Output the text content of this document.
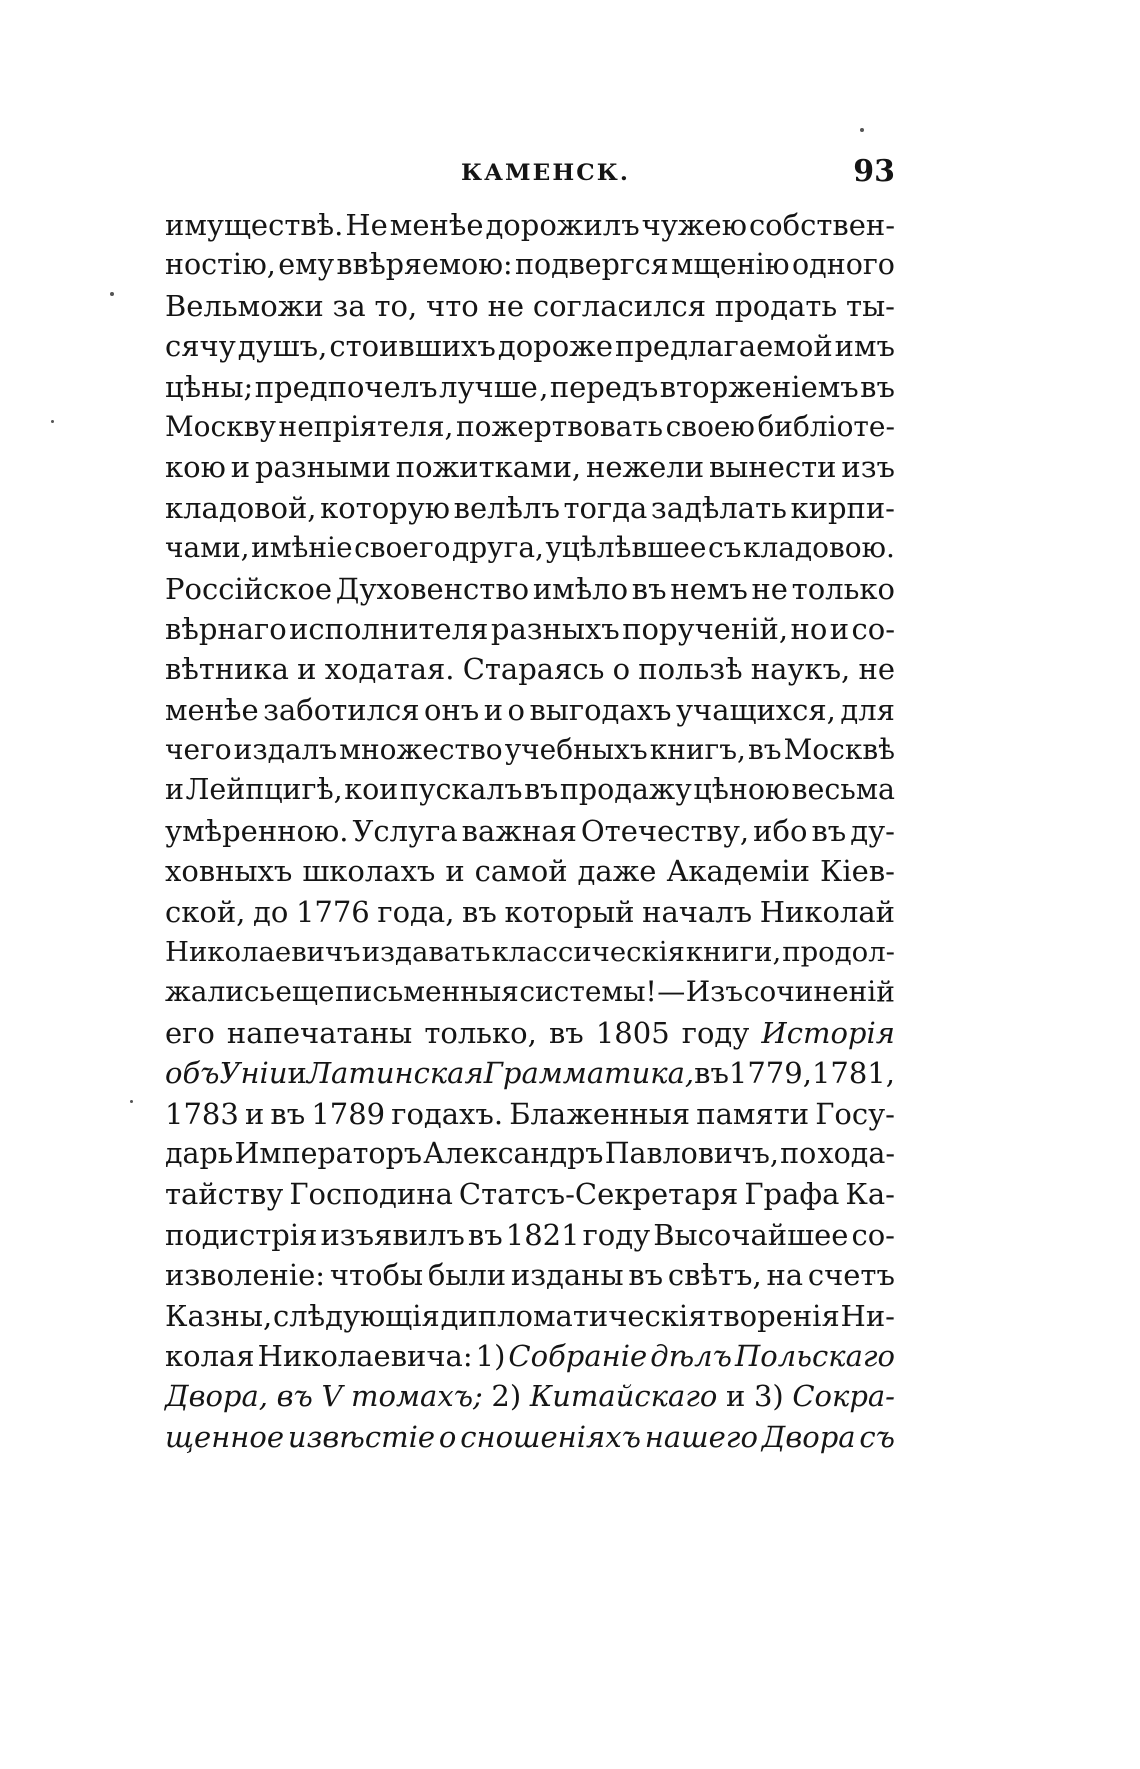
КАМЕНСК.	93
имуществѣ. Не менѣе дорожилъ чужею собствен-
ностію, ему ввѣряемою: подвергся мщенію одного
Вельможи за то, что не согласился продать ты-
сячу душъ, стоившихъ дороже предлагаемой имъ
цѣны; предпочелъ лучше , передъ вторженіемъ въ
Москву непріятеля, пожертвовать своею библіоте-
кою и разными пожитками, нежели вынести изъ
кладовой, которую велѣлъ тогда задѣлать кирпи-
чами, имѣніе своего друга, уцѣлѣвшее съ кладовою.
Россійское Духовенство имѣло въ немъ не только
вѣрнаго исполнителя разныхъ порученій, но и со-
вѣтника и ходатая. Стараясь о пользѣ наукъ, не
менѣе заботился онъ и о выгодахъ учащихся, для
чего издалъ множество учебныхъ книгъ, въ Москвѣ
и Лейпцигѣ, кои пускалъ въ продажу цѣною весьма
умѣренною. Услуга важная Отечеству, ибо въ ду-
ховныхъ школахъ и самой даже Академіи Кіев-
ской, до 1776 года, въ который началъ Николай
Николаевичъ издавать классическія книги, продол-
жались еще письменныя системы! — Изъ сочиненій
его напечатаны только, въ 1805 году Исторія
объ Уніи и Латинская Грамматика, въ 1779, 1781,
1783 и въ 1789 годахъ. Блаженныя памяти Госу-
дарь Императоръ Александръ Павловичъ, по хода-
тайству Господина Статсъ-Секретаря Графа Ка-
подистрія изъявилъ въ 1821 году Высочайшее со-
изволеніе: чтобы были изданы въ свѣтъ, на счетъ
Казны, слѣдующія дипломатическія творенія Ни-
колая Николаевича: 1) Собраніе дѣлъ Польскаго
Двора, въ V томахъ; 2) Китайскаго и 3) Сокра-
щенное извѣстіе о сношеніяхъ нашего Двора съ
